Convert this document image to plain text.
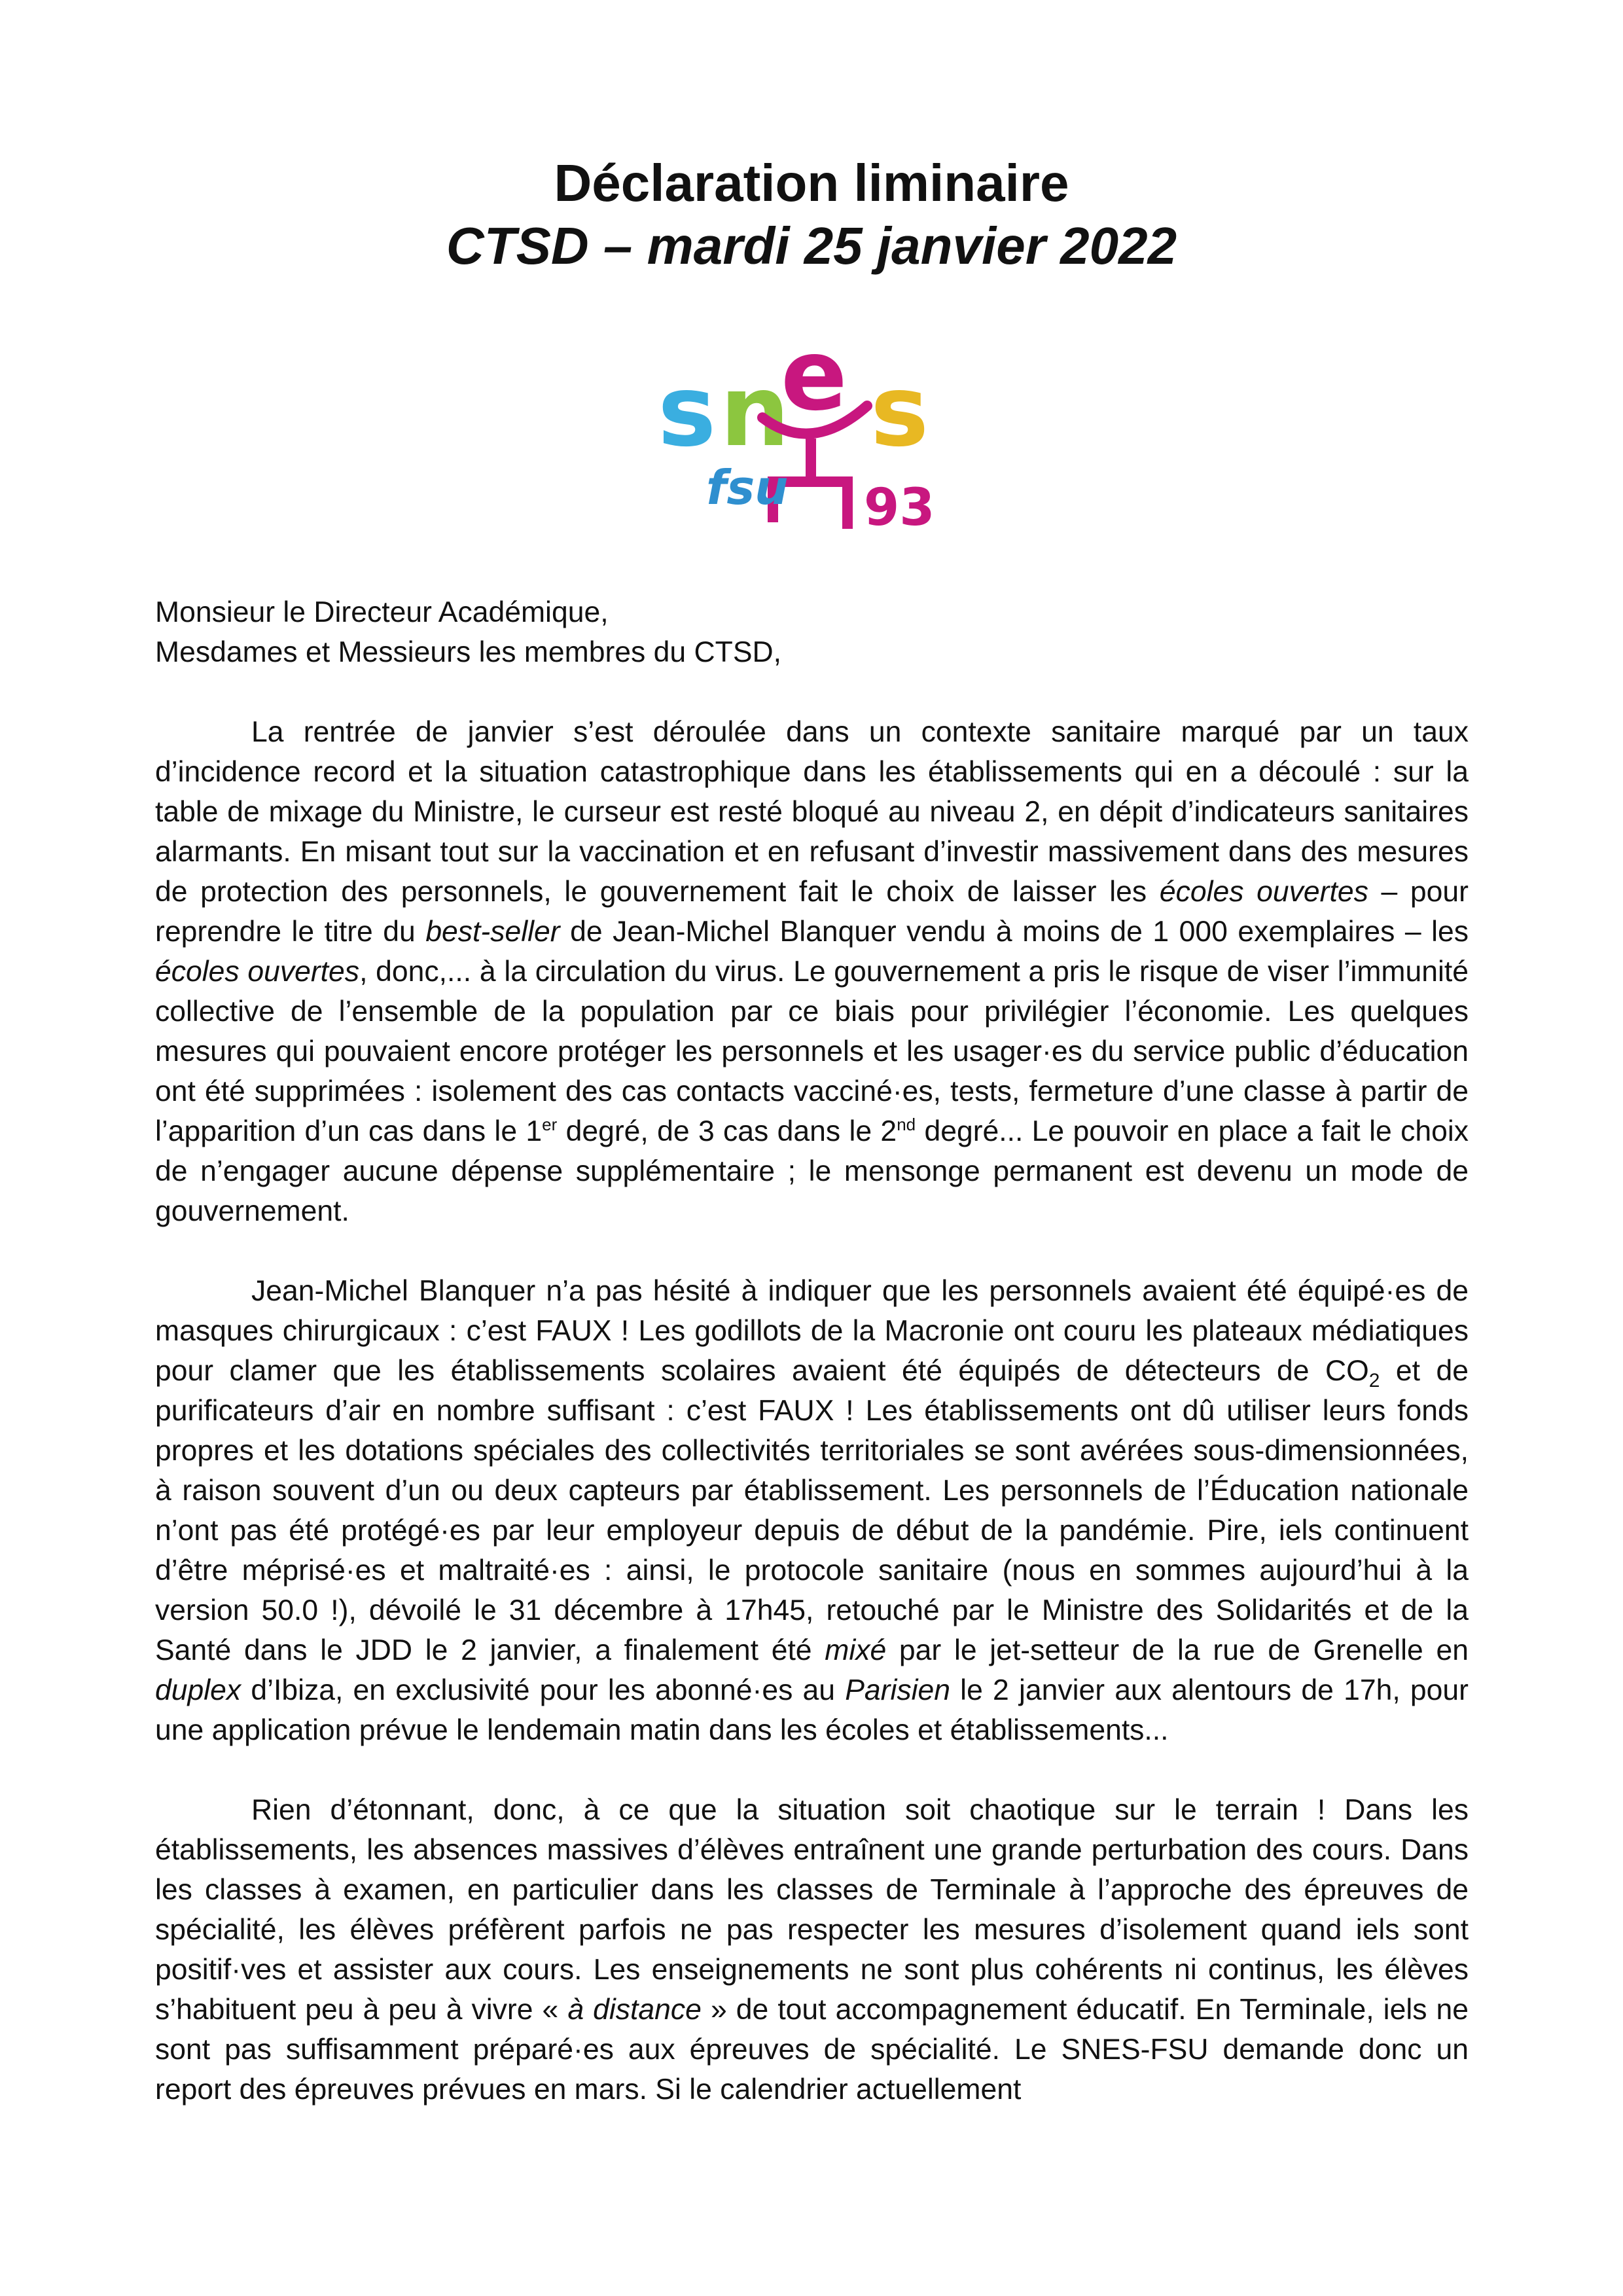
Déclaration liminaire
CTSD – mardi 25 janvier 2022
s n
e s
fsu 93

Monsieur le Directeur Académique,

Mesdames et Messieurs les membres du CTSD,

La rentrée de janvier s’est déroulée dans un contexte sanitaire marqué par un taux d’incidence record et la situation catastrophique dans les établissements qui en a découlé : sur la table de mixage du Ministre, le curseur est resté bloqué au niveau 2, en dépit d’indicateurs sanitaires alarmants. En misant tout sur la vaccination et en refusant d’investir massivement dans des mesures de protection des personnels, le gouvernement fait le choix de laisser les écoles ouvertes – pour reprendre le titre du best-seller de Jean-Michel Blanquer vendu à moins de 1 000 exemplaires – les écoles ouvertes, donc,... à la circulation du virus. Le gouvernement a pris le risque de viser l’immunité collective de l’ensemble de la population par ce biais pour privilégier l’économie. Les quelques mesures qui pouvaient encore protéger les personnels et les usager·es du service public d’éducation ont été supprimées : isolement des cas contacts vacciné·es, tests, fermeture d’une classe à partir de l’apparition d’un cas dans le 1er degré, de 3 cas dans le 2nd degré... Le pouvoir en place a fait le choix de n’engager aucune dépense supplémentaire ; le mensonge permanent est devenu un mode de gouvernement.

Jean-Michel Blanquer n’a pas hésité à indiquer que les personnels avaient été équipé·es de masques chirurgicaux : c’est FAUX ! Les godillots de la Macronie ont couru les plateaux médiatiques pour clamer que les établissements scolaires avaient été équipés de détecteurs de $CO_2$ et de purificateurs d’air en nombre suffisant : c’est FAUX ! Les établissements ont dû utiliser leurs fonds propres et les dotations spéciales des collectivités territoriales se sont avérées sous-dimensionnées, à raison souvent d’un ou deux capteurs par établissement. Les personnels de l’Éducation nationale n’ont pas été protégé·es par leur employeur depuis de début de la pandémie. Pire, iels continuent d’être méprisé·es et maltraité·es : ainsi, le protocole sanitaire (nous en sommes aujourd’hui à la version 50.0 !), dévoilé le 31 décembre à 17h45, retouché par le Ministre des Solidarités et de la Santé dans le JDD le 2 janvier, a finalement été mixé par le jet-setteur de la rue de Grenelle en duplex d’Ibiza, en exclusivité pour les abonné·es au Parisien le 2 janvier aux alentours de 17h, pour une application prévue le lendemain matin dans les écoles et établissements...

Rien d’étonnant, donc, à ce que la situation soit chaotique sur le terrain ! Dans les établissements, les absences massives d’élèves entraînent une grande perturbation des cours. Dans les classes à examen, en particulier dans les classes de Terminale à l’approche des épreuves de spécialité, les élèves préfèrent parfois ne pas respecter les mesures d’isolement quand iels sont positif·ves et assister aux cours. Les enseignements ne sont plus cohérents ni continus, les élèves s’habituent peu à peu à vivre « à distance » de tout accompagnement éducatif. En Terminale, iels ne sont pas suffisamment préparé·es aux épreuves de spécialité. Le SNES-FSU demande donc un report des épreuves prévues en mars. Si le calendrier actuellement
